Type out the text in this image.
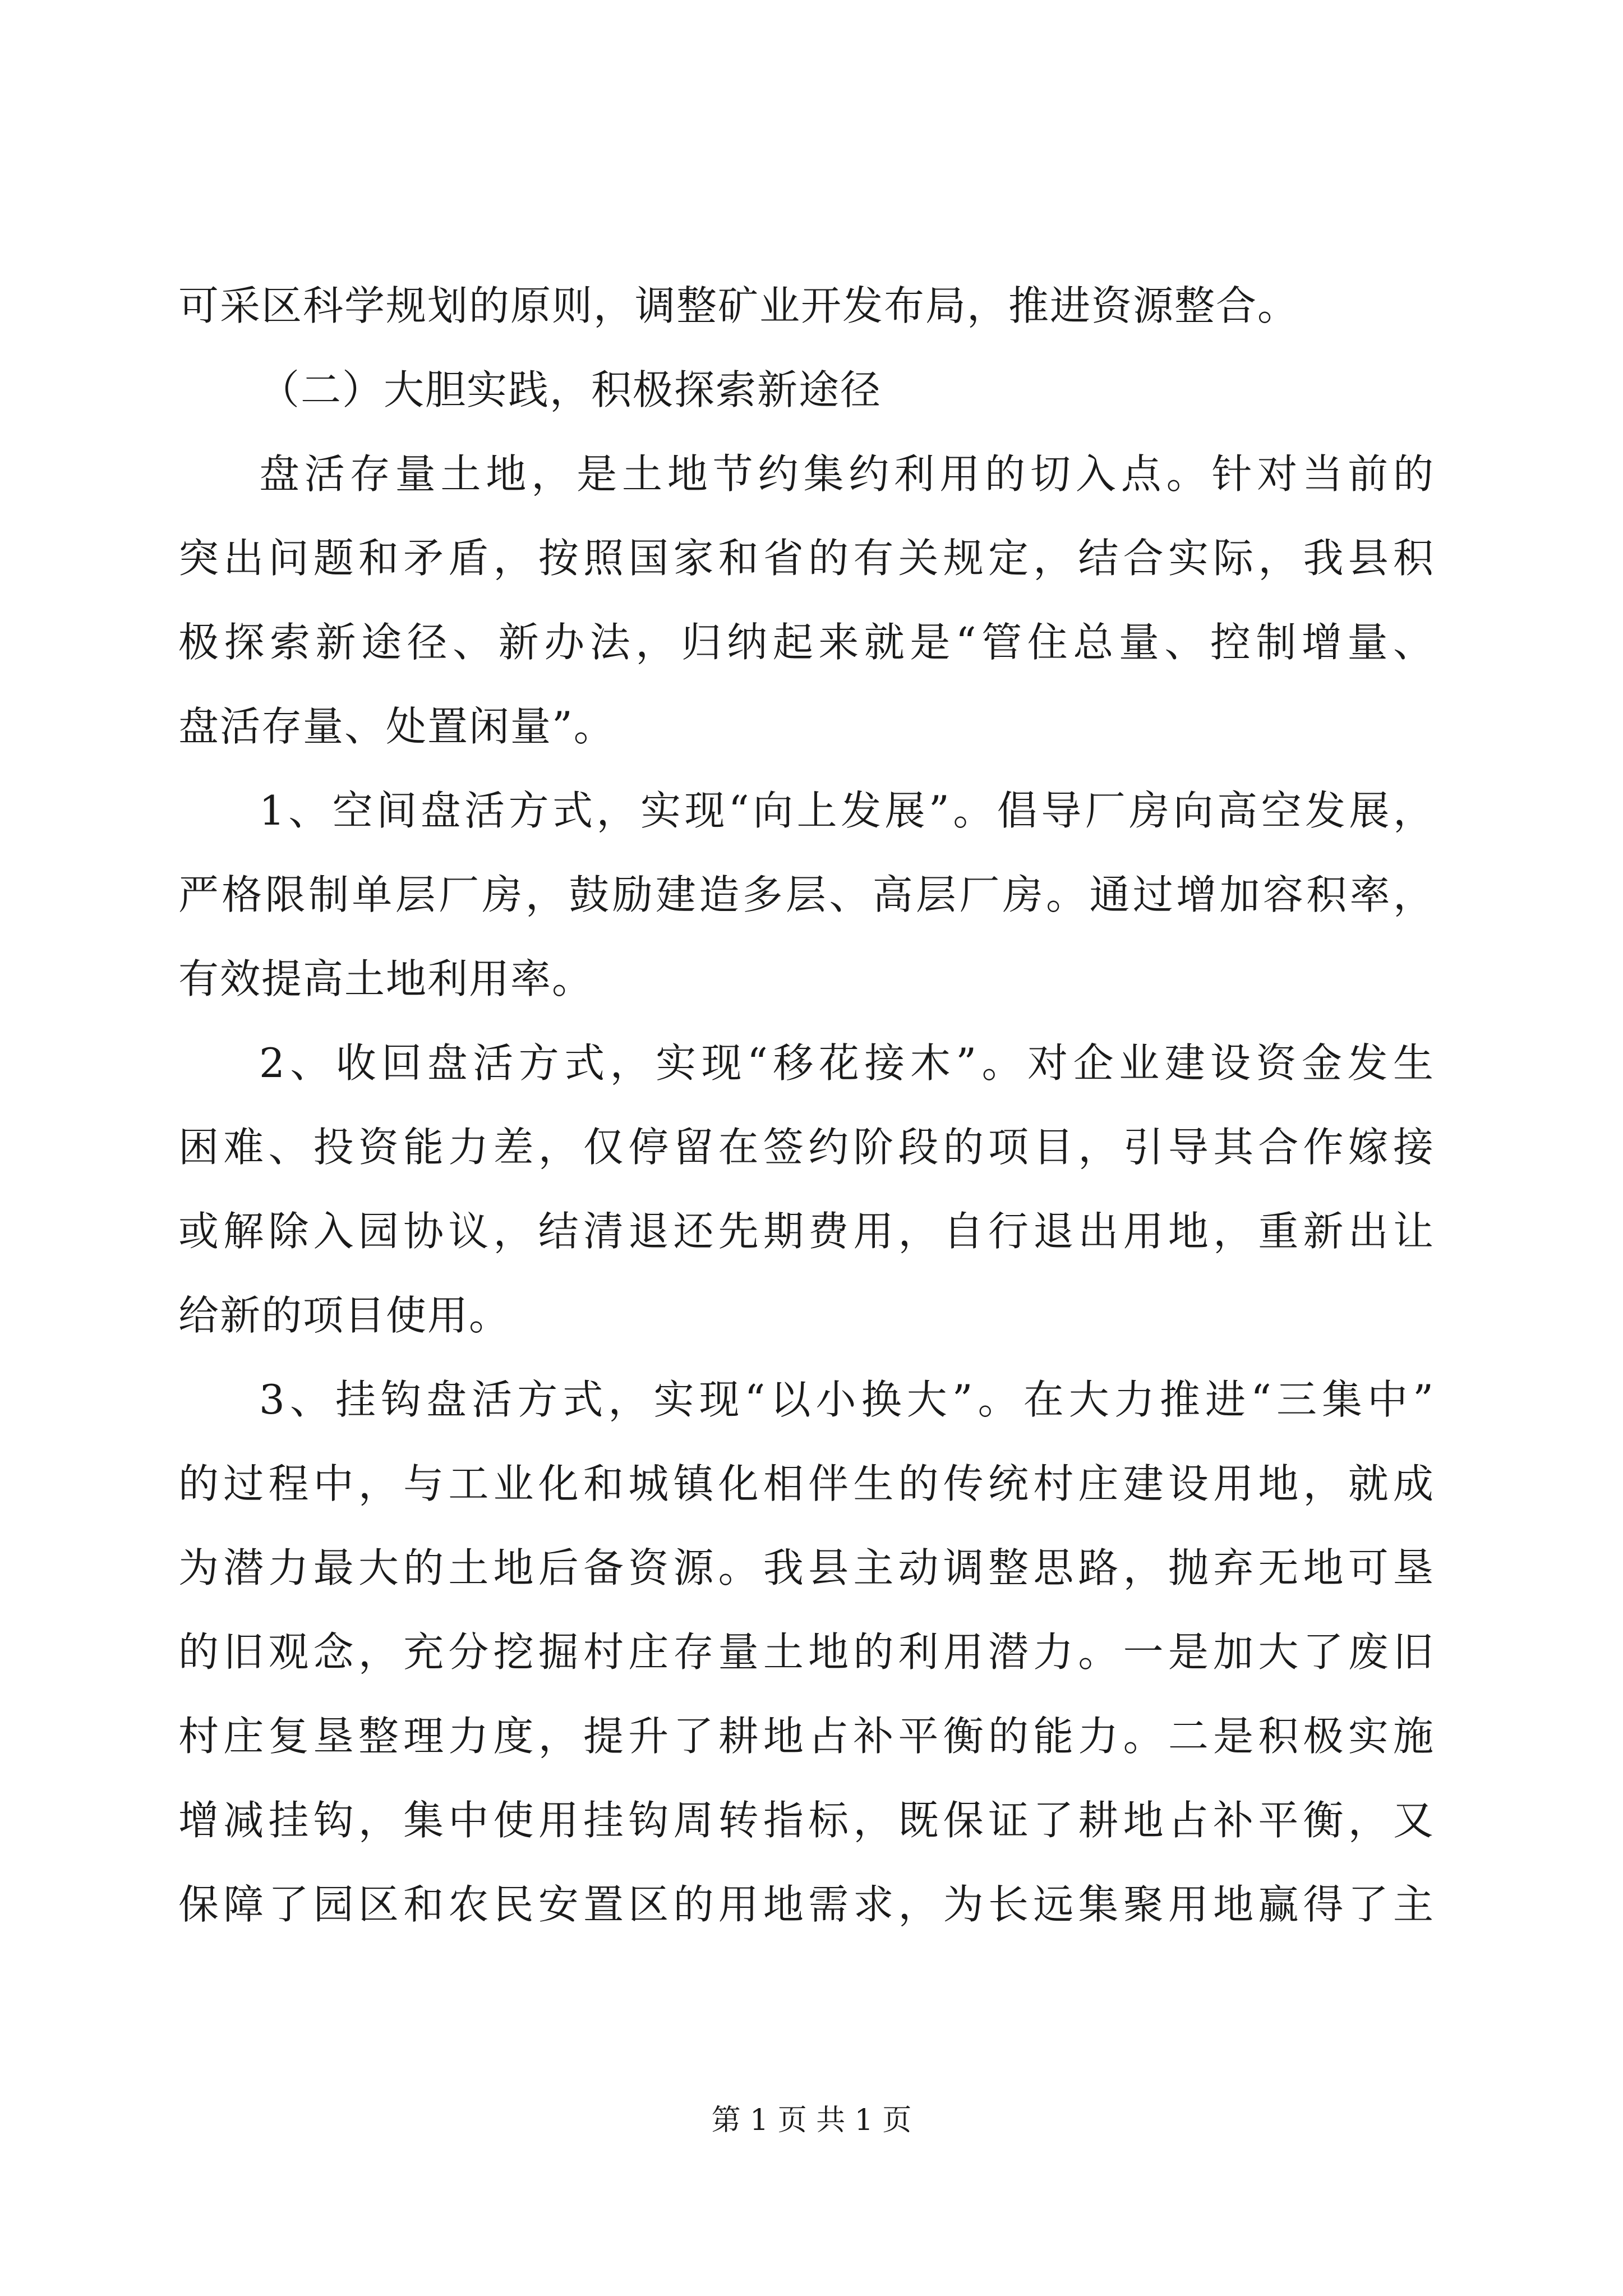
可采区科学规划的原则，调整矿业开发布局，推进资源整合。
（二）大胆实践，积极探索新途径
盘活存量土地，是土地节约集约利用的切入点。针对当前的
突出问题和矛盾，按照国家和省的有关规定，结合实际，我县积
极探索新途径、新办法，归纳起来就是“管住总量、控制增量、
盘活存量、处置闲量”。
1、空间盘活方式，实现“向上发展”。倡导厂房向高空发展，
严格限制单层厂房，鼓励建造多层、高层厂房。通过增加容积率，
有效提高土地利用率。
2、收回盘活方式，实现“移花接木”。对企业建设资金发生
困难、投资能力差，仅停留在签约阶段的项目，引导其合作嫁接
或解除入园协议，结清退还先期费用，自行退出用地，重新出让
给新的项目使用。
3、挂钩盘活方式，实现“以小换大”。在大力推进“三集中”
的过程中，与工业化和城镇化相伴生的传统村庄建设用地，就成
为潜力最大的土地后备资源。我县主动调整思路，抛弃无地可垦
的旧观念，充分挖掘村庄存量土地的利用潜力。一是加大了废旧
村庄复垦整理力度，提升了耕地占补平衡的能力。二是积极实施
增减挂钩，集中使用挂钩周转指标，既保证了耕地占补平衡，又
保障了园区和农民安置区的用地需求，为长远集聚用地赢得了主
第 1 页 共 1 页
